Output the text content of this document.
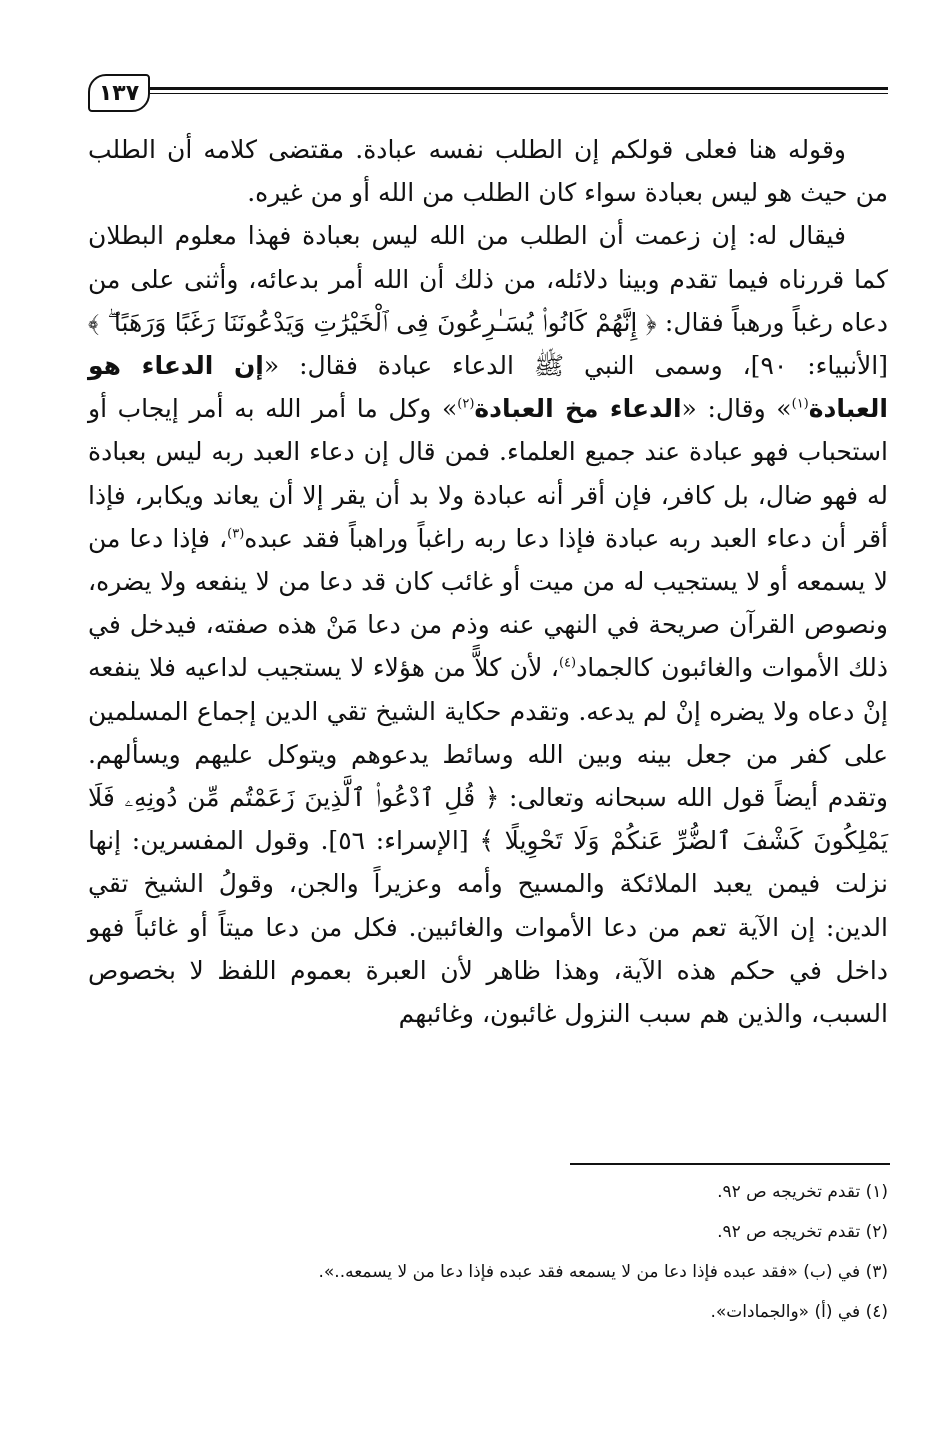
١٣٧

وقوله هنا فعلى قولكم إن الطلب نفسه عبادة. مقتضى كلامه أن الطلب من حيث هو ليس بعبادة سواء كان الطلب من الله أو من غيره.

فيقال له: إن زعمت أن الطلب من الله ليس بعبادة فهذا معلوم البطلان كما قررناه فيما تقدم وبينا دلائله، من ذلك أن الله أمر بدعائه، وأثنى على من دعاه رغباً ورهباً فقال: ﴿ إِنَّهُمْ كَانُوا۟ يُسَـٰرِعُونَ فِى ٱلْخَيْرَٰتِ وَيَدْعُونَنَا رَغَبًا وَرَهَبًا ۖ ﴾ [الأنبياء: ٩٠]، وسمى النبي ﷺ الدعاء عبادة فقال: «إن الدعاء هو العبادة$^{(١)}$» وقال: «الدعاء مخ العبادة$^{(٢)}$» وكل ما أمر الله به أمر إيجاب أو استحباب فهو عبادة عند جميع العلماء. فمن قال إن دعاء العبد ربه ليس بعبادة له فهو ضال، بل كافر، فإن أقر أنه عبادة ولا بد أن يقر إلا أن يعاند ويكابر، فإذا أقر أن دعاء العبد ربه عبادة فإذا دعا ربه راغباً وراهباً فقد عبده$^{(٣)}$، فإذا دعا من لا يسمعه أو لا يستجيب له من ميت أو غائب كان قد دعا من لا ينفعه ولا يضره، ونصوص القرآن صريحة في النهي عنه وذم من دعا مَنْ هذه صفته، فيدخل في ذلك الأموات والغائبون كالجماد$^{(٤)}$، لأن كلاًّ من هؤلاء لا يستجيب لداعيه فلا ينفعه إنْ دعاه ولا يضره إنْ لم يدعه. وتقدم حكاية الشيخ تقي الدين إجماع المسلمين على كفر من جعل بينه وبين الله وسائط يدعوهم ويتوكل عليهم ويسألهم. وتقدم أيضاً قول الله سبحانه وتعالى: ﴿ قُلِ ٱدْعُوا۟ ٱلَّذِينَ زَعَمْتُم مِّن دُونِهِۦ فَلَا يَمْلِكُونَ كَشْفَ ٱلضُّرِّ عَنكُمْ وَلَا تَحْوِيلًا ﴾ [الإسراء: ٥٦]. وقول المفسرين: إنها نزلت فيمن يعبد الملائكة والمسيح وأمه وعزيراً والجن، وقولُ الشيخ تقي الدين: إن الآية تعم من دعا الأموات والغائبين. فكل من دعا ميتاً أو غائباً فهو داخل في حكم هذه الآية، وهذا ظاهر لأن العبرة بعموم اللفظ لا بخصوص السبب، والذين هم سبب النزول غائبون، وغائبهم

(١) تقدم تخريجه ص ٩٢.
(٢) تقدم تخريجه ص ٩٢.
(٣) في (ب) «فقد عبده فإذا دعا من لا يسمعه فقد عبده فإذا دعا من لا يسمعه..».
(٤) في (أ) «والجمادات».
